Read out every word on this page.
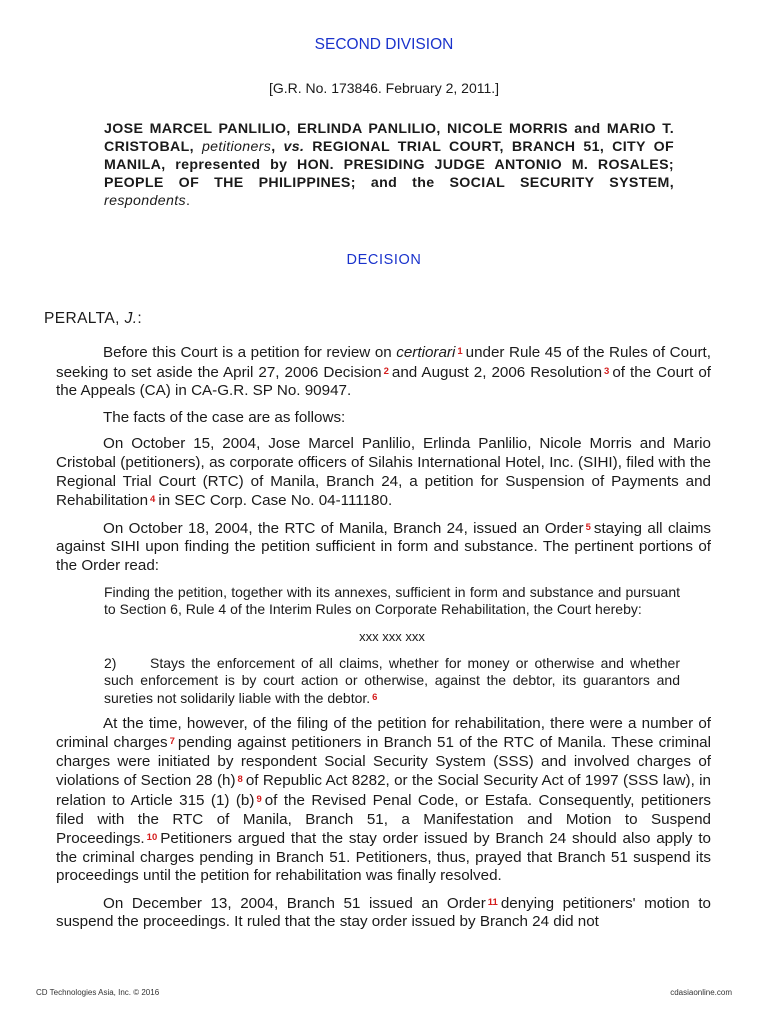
SECOND DIVISION
[G.R. No. 173846. February 2, 2011.]
JOSE MARCEL PANLILIO, ERLINDA PANLILIO, NICOLE MORRIS and MARIO T. CRISTOBAL, petitioners, vs. REGIONAL TRIAL COURT, BRANCH 51, CITY OF MANILA, represented by HON. PRESIDING JUDGE ANTONIO M. ROSALES; PEOPLE OF THE PHILIPPINES; and the SOCIAL SECURITY SYSTEM, respondents.
DECISION
PERALTA, J.:

Before this Court is a petition for review on certiorari 1 under Rule 45 of the Rules of Court, seeking to set aside the April 27, 2006 Decision 2 and August 2, 2006 Resolution 3 of the Court of the Appeals (CA) in CA-G.R. SP No. 90947.

The facts of the case are as follows:

On October 15, 2004, Jose Marcel Panlilio, Erlinda Panlilio, Nicole Morris and Mario Cristobal (petitioners), as corporate officers of Silahis International Hotel, Inc. (SIHI), filed with the Regional Trial Court (RTC) of Manila, Branch 24, a petition for Suspension of Payments and Rehabilitation 4 in SEC Corp. Case No. 04-111180.

On October 18, 2004, the RTC of Manila, Branch 24, issued an Order 5 staying all claims against SIHI upon finding the petition sufficient in form and substance. The pertinent portions of the Order read:

Finding the petition, together with its annexes, sufficient in form and substance and pursuant to Section 6, Rule 4 of the Interim Rules on Corporate Rehabilitation, the Court hereby:
xxx xxx xxx
2) Stays the enforcement of all claims, whether for money or otherwise and whether such enforcement is by court action or otherwise, against the debtor, its guarantors and sureties not solidarily liable with the debtor. $^6$

At the time, however, of the filing of the petition for rehabilitation, there were a number of criminal charges 7 pending against petitioners in Branch 51 of the RTC of Manila. These criminal charges were initiated by respondent Social Security System (SSS) and involved charges of violations of Section 28 (h) 8 of Republic Act 8282, or the Social Security Act of 1997 (SSS law), in relation to Article 315 (1) (b) 9 of the Revised Penal Code, or Estafa. Consequently, petitioners filed with the RTC of Manila, Branch 51, a Manifestation and Motion to Suspend Proceedings. 10 Petitioners argued that the stay order issued by Branch 24 should also apply to the criminal charges pending in Branch 51. Petitioners, thus, prayed that Branch 51 suspend its proceedings until the petition for rehabilitation was finally resolved.

On December 13, 2004, Branch 51 issued an Order 11 denying petitioners' motion to suspend the proceedings. It ruled that the stay order issued by Branch 24 did not

CD Technologies Asia, Inc. © 2016	cdasiaonline.com
